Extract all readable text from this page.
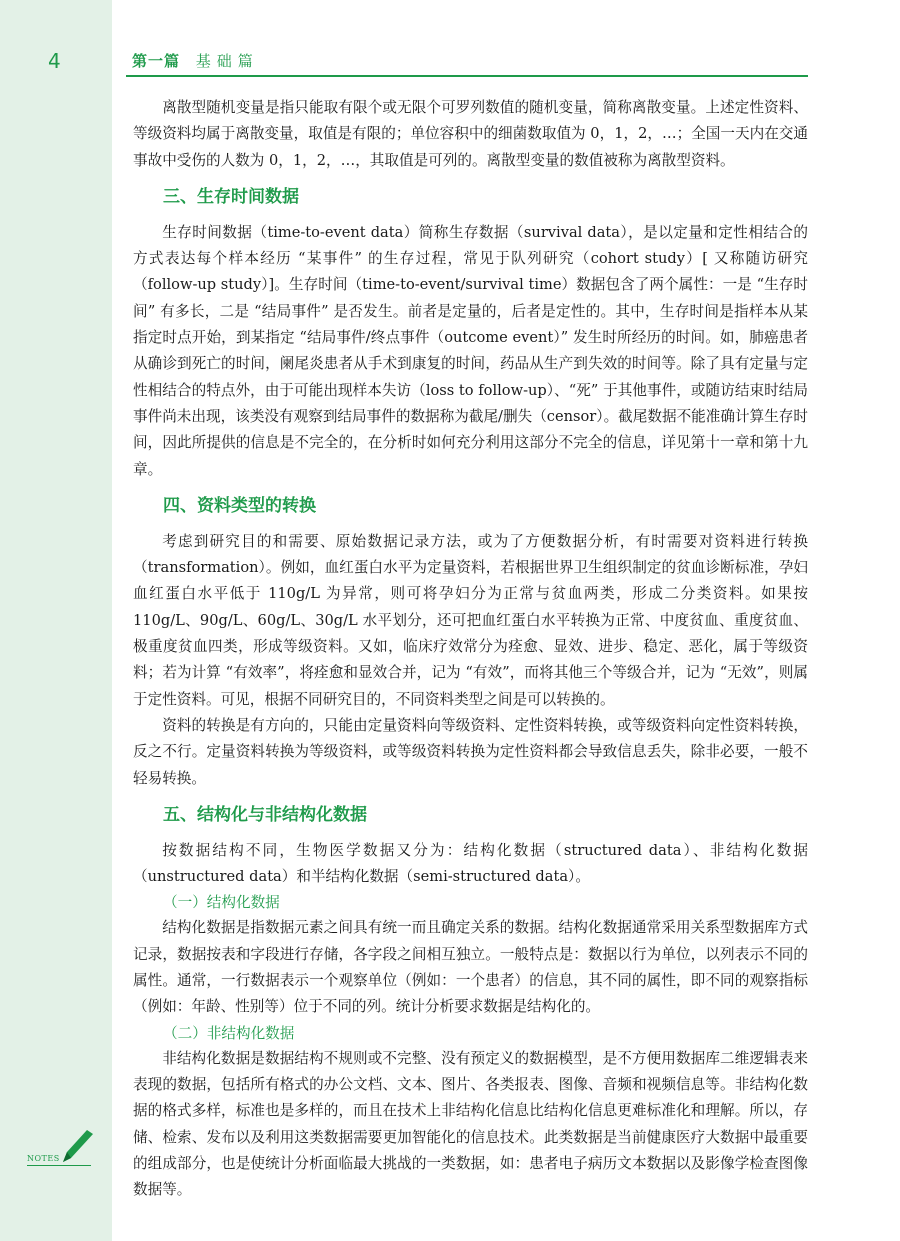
4	第一篇 基础篇

离散型随机变量是指只能取有限个或无限个可罗列数值的随机变量，简称离散变量。上述定性资料、等级资料均属于离散变量，取值是有限的；单位容积中的细菌数取值为 0，1，2，…；全国一天内在交通事故中受伤的人数为 0，1，2，…，其取值是可列的。离散型变量的数值被称为离散型资料。

三、生存时间数据

生存时间数据（time-to-event data）简称生存数据（survival data），是以定量和定性相结合的方式表达每个样本经历 “某事件” 的生存过程，常见于队列研究（cohort study）[ 又称随访研究（follow-up study）]。生存时间（time-to-event/survival time）数据包含了两个属性：一是 “生存时间” 有多长，二是 “结局事件” 是否发生。前者是定量的，后者是定性的。其中，生存时间是指样本从某指定时点开始，到某指定 “结局事件/终点事件（outcome event）” 发生时所经历的时间。如，肺癌患者从确诊到死亡的时间，阑尾炎患者从手术到康复的时间，药品从生产到失效的时间等。除了具有定量与定性相结合的特点外，由于可能出现样本失访（loss to follow-up）、“死” 于其他事件，或随访结束时结局事件尚未出现，该类没有观察到结局事件的数据称为截尾/删失（censor）。截尾数据不能准确计算生存时间，因此所提供的信息是不完全的，在分析时如何充分利用这部分不完全的信息，详见第十一章和第十九章。

四、资料类型的转换

考虑到研究目的和需要、原始数据记录方法，或为了方便数据分析，有时需要对资料进行转换（transformation）。例如，血红蛋白水平为定量资料，若根据世界卫生组织制定的贫血诊断标准，孕妇血红蛋白水平低于 110g/L 为异常，则可将孕妇分为正常与贫血两类，形成二分类资料。如果按 110g/L、90g/L、60g/L、30g/L 水平划分，还可把血红蛋白水平转换为正常、中度贫血、重度贫血、极重度贫血四类，形成等级资料。又如，临床疗效常分为痊愈、显效、进步、稳定、恶化，属于等级资料；若为计算 “有效率”，将痊愈和显效合并，记为 “有效”，而将其他三个等级合并，记为 “无效”，则属于定性资料。可见，根据不同研究目的，不同资料类型之间是可以转换的。

资料的转换是有方向的，只能由定量资料向等级资料、定性资料转换，或等级资料向定性资料转换，反之不行。定量资料转换为等级资料，或等级资料转换为定性资料都会导致信息丢失，除非必要，一般不轻易转换。

五、结构化与非结构化数据

按数据结构不同，生物医学数据又分为：结构化数据（structured data）、非结构化数据（unstructured data）和半结构化数据（semi-structured data）。

（一）结构化数据

结构化数据是指数据元素之间具有统一而且确定关系的数据。结构化数据通常采用关系型数据库方式记录，数据按表和字段进行存储，各字段之间相互独立。一般特点是：数据以行为单位，以列表示不同的属性。通常，一行数据表示一个观察单位（例如：一个患者）的信息，其不同的属性，即不同的观察指标（例如：年龄、性别等）位于不同的列。统计分析要求数据是结构化的。

（二）非结构化数据

非结构化数据是数据结构不规则或不完整、没有预定义的数据模型，是不方便用数据库二维逻辑表来表现的数据，包括所有格式的办公文档、文本、图片、各类报表、图像、音频和视频信息等。非结构化数据的格式多样，标准也是多样的，而且在技术上非结构化信息比结构化信息更难标准化和理解。所以，存储、检索、发布以及利用这类数据需要更加智能化的信息技术。此类数据是当前健康医疗大数据中最重要的组成部分，也是使统计分析面临最大挑战的一类数据，如：患者电子病历文本数据以及影像学检查图像数据等。

NOTES
